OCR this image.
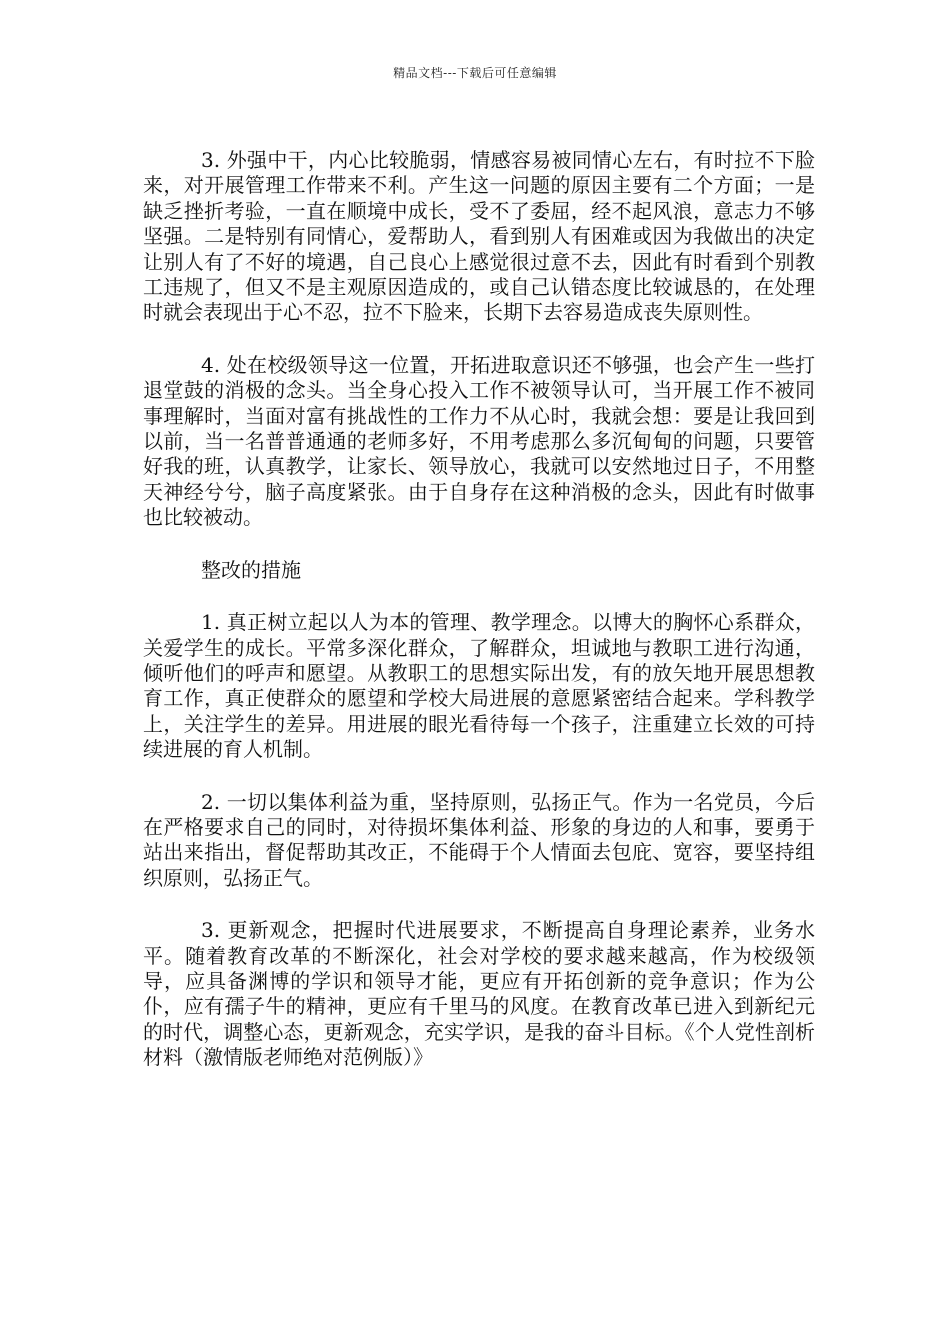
精品文档---下载后可任意编辑

3. 外强中干，内心比较脆弱，情感容易被同情心左右，有时拉不下脸来，对开展管理工作带来不利。产生这一问题的原因主要有二个方面；一是缺乏挫折考验，一直在顺境中成长，受不了委屈，经不起风浪，意志力不够坚强。二是特别有同情心，爱帮助人，看到别人有困难或因为我做出的决定让别人有了不好的境遇，自己良心上感觉很过意不去，因此有时看到个别教工违规了，但又不是主观原因造成的，或自己认错态度比较诚恳的，在处理时就会表现出于心不忍，拉不下脸来，长期下去容易造成丧失原则性。

4. 处在校级领导这一位置，开拓进取意识还不够强，也会产生一些打退堂鼓的消极的念头。当全身心投入工作不被领导认可，当开展工作不被同事理解时，当面对富有挑战性的工作力不从心时，我就会想：要是让我回到以前，当一名普普通通的老师多好，不用考虑那么多沉甸甸的问题，只要管好我的班，认真教学，让家长、领导放心，我就可以安然地过日子，不用整天神经兮兮，脑子高度紧张。由于自身存在这种消极的念头，因此有时做事也比较被动。

整改的措施

1. 真正树立起以人为本的管理、教学理念。以博大的胸怀心系群众，关爱学生的成长。平常多深化群众，了解群众，坦诚地与教职工进行沟通，倾听他们的呼声和愿望。从教职工的思想实际出发，有的放矢地开展思想教育工作，真正使群众的愿望和学校大局进展的意愿紧密结合起来。学科教学上，关注学生的差异。用进展的眼光看待每一个孩子，注重建立长效的可持续进展的育人机制。

2. 一切以集体利益为重，坚持原则，弘扬正气。作为一名党员，今后在严格要求自己的同时，对待损坏集体利益、形象的身边的人和事，要勇于站出来指出，督促帮助其改正，不能碍于个人情面去包庇、宽容，要坚持组织原则，弘扬正气。

3. 更新观念，把握时代进展要求，不断提高自身理论素养，业务水平。随着教育改革的不断深化，社会对学校的要求越来越高，作为校级领导，应具备渊博的学识和领导才能，更应有开拓创新的竞争意识；作为公仆，应有孺子牛的精神，更应有千里马的风度。在教育改革已进入到新纪元的时代，调整心态，更新观念，充实学识，是我的奋斗目标。《个人党性剖析材料（激情版老师绝对范例版）》
